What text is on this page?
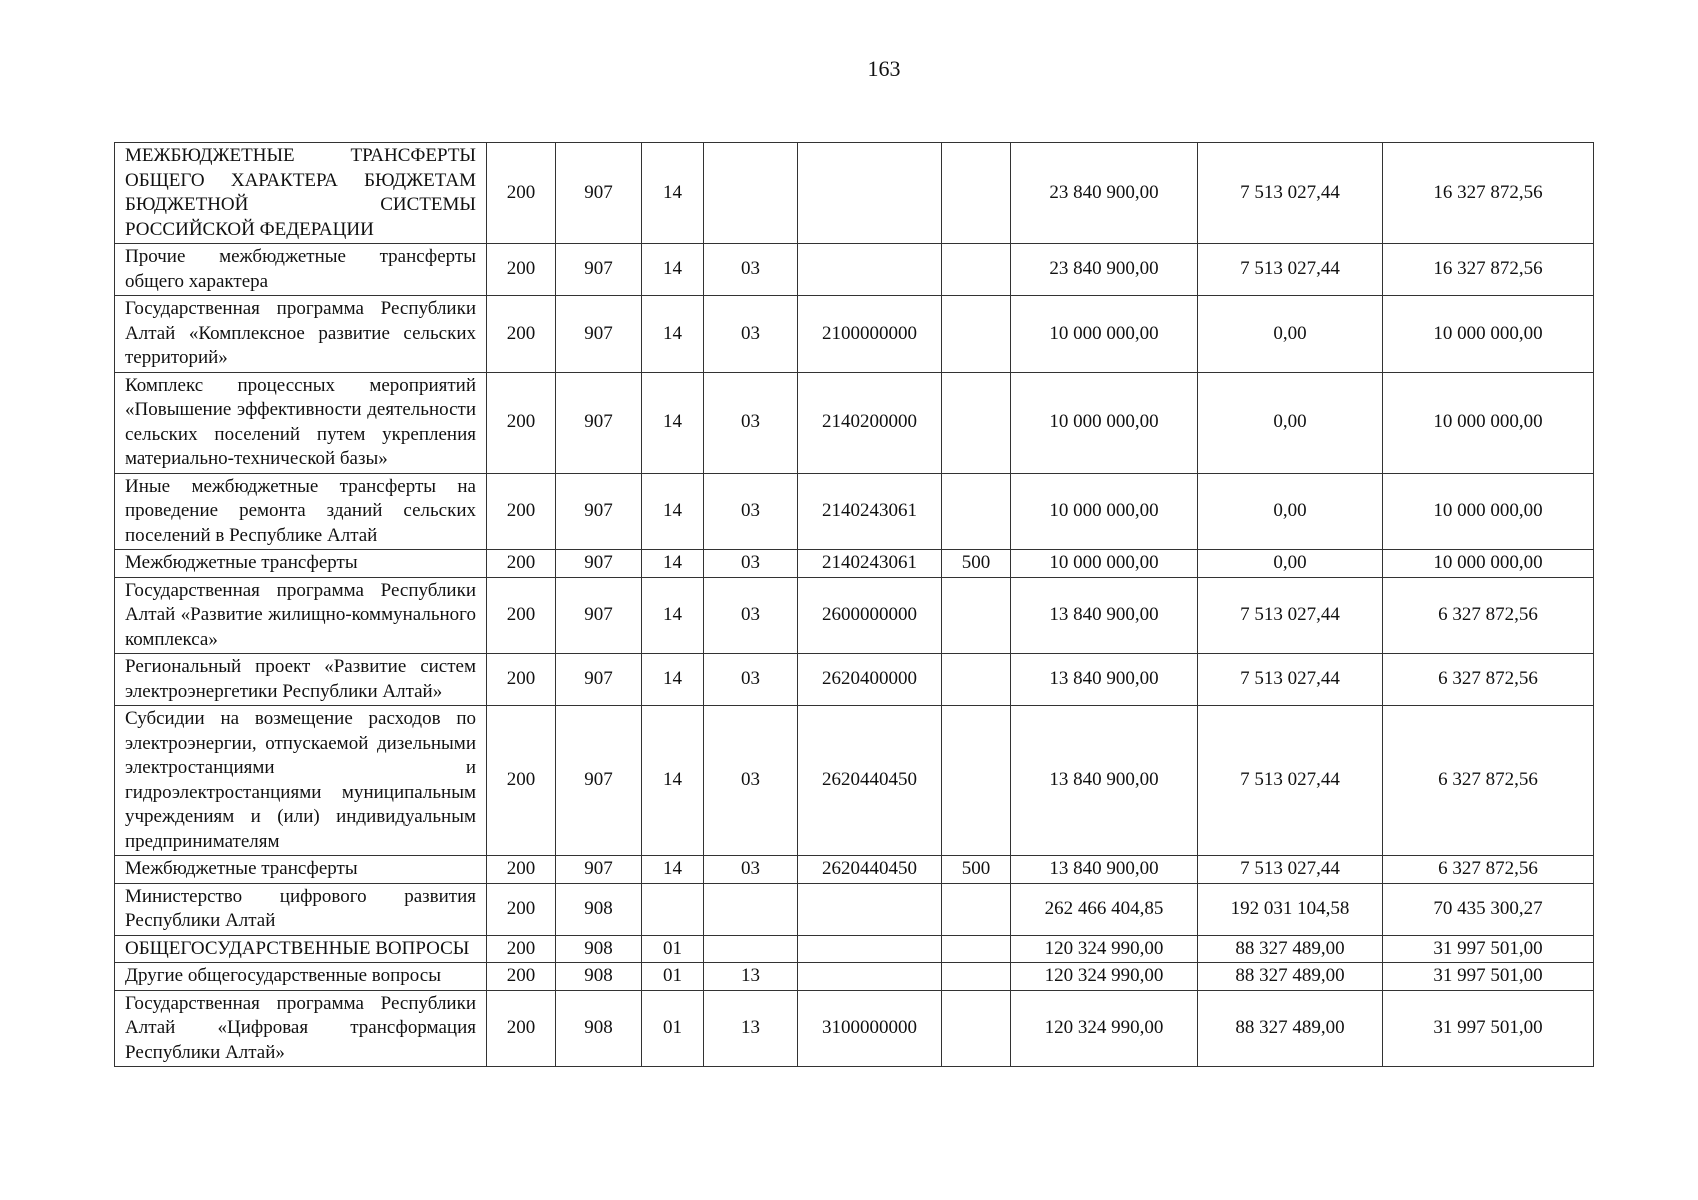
163
МЕЖБЮДЖЕТНЫЕ ТРАНСФЕРТЫ ОБЩЕГО ХАРАКТЕРА БЮДЖЕТАМ БЮДЖЕТНОЙ СИСТЕМЫ РОССИЙСКОЙ ФЕДЕРАЦИИ	200	907	14				23 840 900,00	7 513 027,44	16 327 872,56
Прочие межбюджетные трансферты общего характера	200	907	14	03			23 840 900,00	7 513 027,44	16 327 872,56
Государственная программа Республики Алтай «Комплексное развитие сельских территорий»	200	907	14	03	2100000000		10 000 000,00	0,00	10 000 000,00
Комплекс процессных мероприятий «Повышение эффективности деятельности сельских поселений путем укрепления материально-технической базы»	200	907	14	03	2140200000		10 000 000,00	0,00	10 000 000,00
Иные межбюджетные трансферты на проведение ремонта зданий сельских поселений в Республике Алтай	200	907	14	03	2140243061		10 000 000,00	0,00	10 000 000,00
Межбюджетные трансферты	200	907	14	03	2140243061	500	10 000 000,00	0,00	10 000 000,00
Государственная программа Республики Алтай «Развитие жилищно-коммунального комплекса»	200	907	14	03	2600000000		13 840 900,00	7 513 027,44	6 327 872,56
Региональный проект «Развитие систем электроэнергетики Республики Алтай»	200	907	14	03	2620400000		13 840 900,00	7 513 027,44	6 327 872,56
Субсидии на возмещение расходов по электроэнергии, отпускаемой дизельными электростанциями и гидроэлектростанциями муниципальным учреждениям и (или) индивидуальным предпринимателям	200	907	14	03	2620440450		13 840 900,00	7 513 027,44	6 327 872,56
Межбюджетные трансферты	200	907	14	03	2620440450	500	13 840 900,00	7 513 027,44	6 327 872,56
Министерство цифрового развития Республики Алтай	200	908					262 466 404,85	192 031 104,58	70 435 300,27
ОБЩЕГОСУДАРСТВЕННЫЕ ВОПРОСЫ	200	908	01				120 324 990,00	88 327 489,00	31 997 501,00
Другие общегосударственные вопросы	200	908	01	13			120 324 990,00	88 327 489,00	31 997 501,00
Государственная программа Республики Алтай «Цифровая трансформация Республики Алтай»	200	908	01	13	3100000000		120 324 990,00	88 327 489,00	31 997 501,00
